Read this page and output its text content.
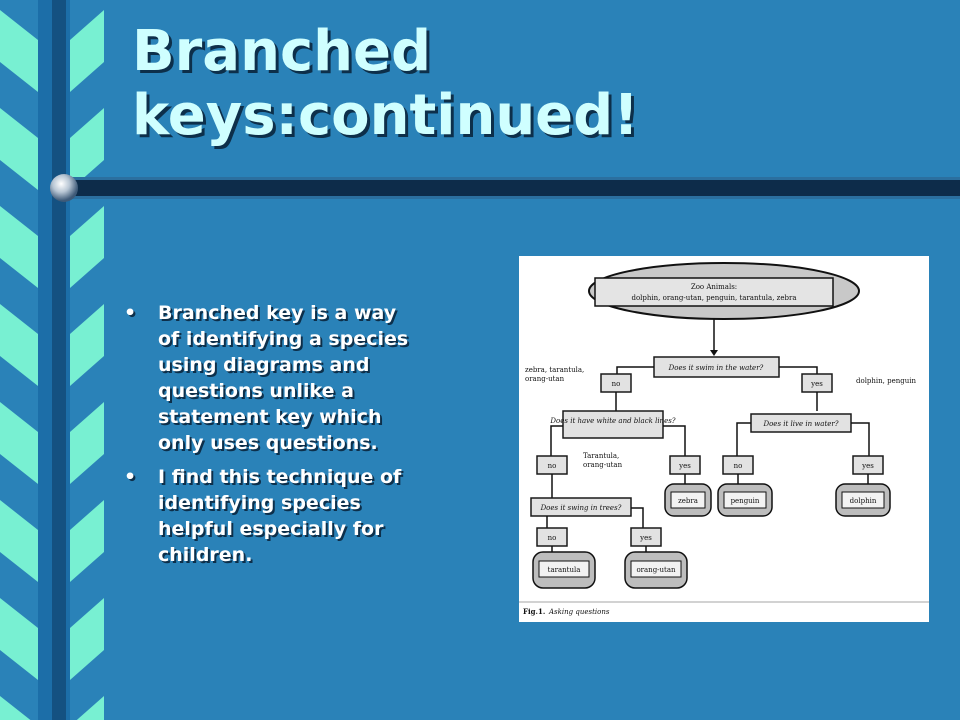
Branched keys:continued!
• Branched key is a way of identifying a species using diagrams and questions unlike a statement key which only uses questions.
• I find this technique of identifying species helpful especially for children.
Zoo Animals:
dolphin, orang-utan, penguin, tarantula, zebra
Does it swim in the water?
zebra, tarantula,
orang-utan	dolphin, penguin
no	yes
Does it have white and black lines?	Does it live in water?
no
Tarantula,
orang-utan	yes	no	yes
zebra	penguin	dolphin
Does it swing in trees?
no	yes
tarantula	orang-utan
Fig.1. Asking questions
